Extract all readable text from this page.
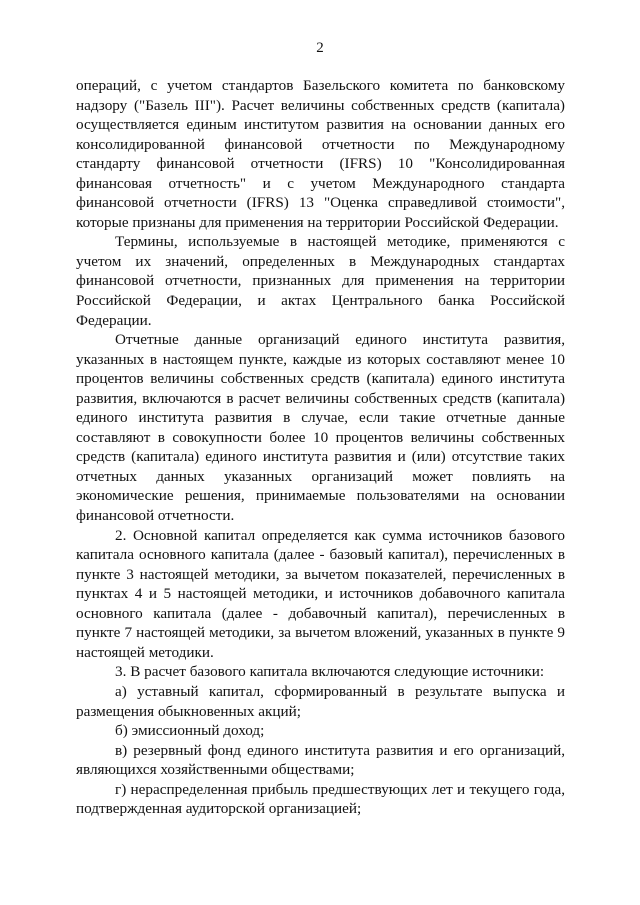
2

операций, с учетом стандартов Базельского комитета по банковскому надзору ("Базель III"). Расчет величины собственных средств (капитала) осуществляется единым институтом развития на основании данных его консолидированной финансовой отчетности по Международному стандарту финансовой отчетности (IFRS) 10 "Консолидированная финансовая отчетность" и с учетом Международного стандарта финансовой отчетности (IFRS) 13 "Оценка справедливой стоимости", которые признаны для применения на территории Российской Федерации.

Термины, используемые в настоящей методике, применяются с учетом их значений, определенных в Международных стандартах финансовой отчетности, признанных для применения на территории Российской Федерации, и актах Центрального банка Российской Федерации.

Отчетные данные организаций единого института развития, указанных в настоящем пункте, каждые из которых составляют менее 10 процентов величины собственных средств (капитала) единого института развития, включаются в расчет величины собственных средств (капитала) единого института развития в случае, если такие отчетные данные составляют в совокупности более 10 процентов величины собственных средств (капитала) единого института развития и (или) отсутствие таких отчетных данных указанных организаций может повлиять на экономические решения, принимаемые пользователями на основании финансовой отчетности.

2. Основной капитал определяется как сумма источников базового капитала основного капитала (далее - базовый капитал), перечисленных в пункте 3 настоящей методики, за вычетом показателей, перечисленных в пунктах 4 и 5 настоящей методики, и источников добавочного капитала основного капитала (далее - добавочный капитал), перечисленных в пункте 7 настоящей методики, за вычетом вложений, указанных в пункте 9 настоящей методики.

3. В расчет базового капитала включаются следующие источники:

а) уставный капитал, сформированный в результате выпуска и размещения обыкновенных акций;

б) эмиссионный доход;

в) резервный фонд единого института развития и его организаций, являющихся хозяйственными обществами;

г) нераспределенная прибыль предшествующих лет и текущего года, подтвержденная аудиторской организацией;
